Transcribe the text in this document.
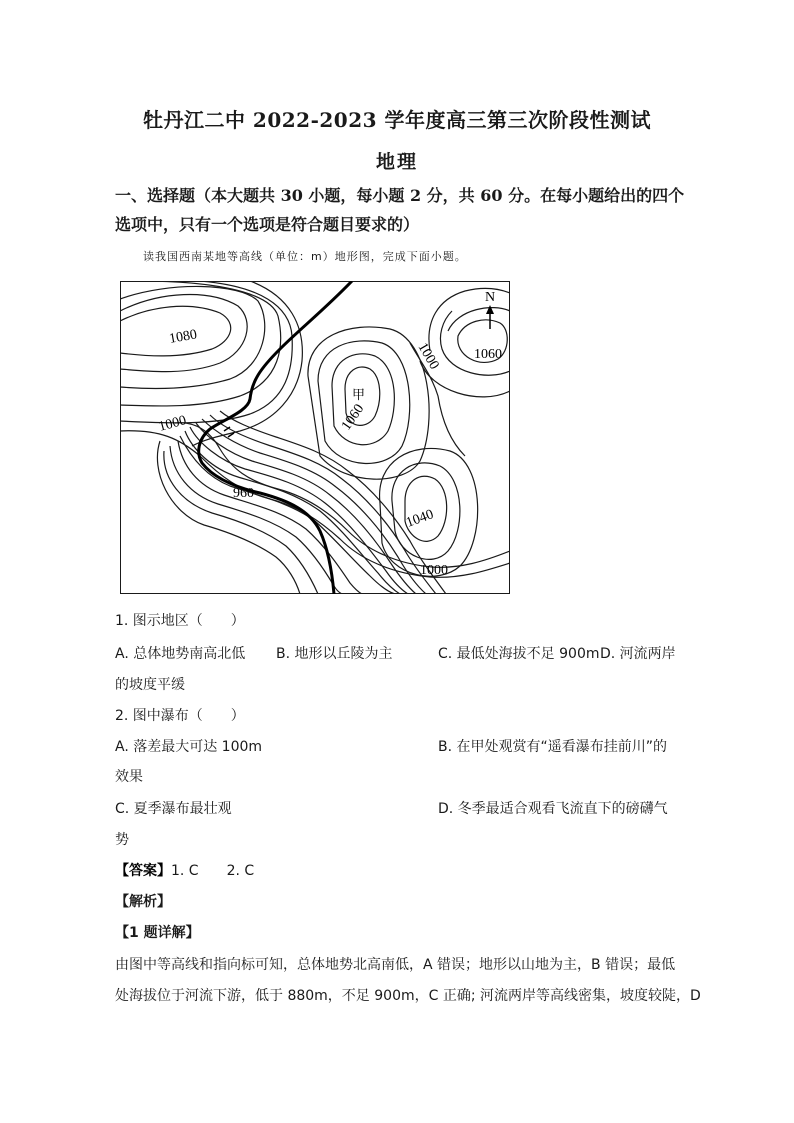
牡丹江二中 2022-2023 学年度高三第三次阶段性测试
地理
一、选择题（本大题共 30 小题，每小题 2 分，共 60 分。在每小题给出的四个选项中，只有一个选项是符合题目要求的）
读我国西南某地等高线（单位：m）地形图，完成下面小题。
N
1080
1000
960
甲
1060
1000 1060
1040
1000
1. 图示地区（　　）
A. 总体地势南高北低 B. 地形以丘陵为主	C. 最低处海拔不足 900m D. 河流两岸
的坡度平缓
2. 图中瀑布（　　）
A. 落差最大可达 100m	B. 在甲处观赏有“遥看瀑布挂前川”的
效果
C. 夏季瀑布最壮观	D. 冬季最适合观看飞流直下的磅礴气
势
【答案】1. C　　2. C
【解析】
【1 题详解】
由图中等高线和指向标可知，总体地势北高南低，A 错误；地形以山地为主，B 错误；最低
处海拔位于河流下游，低于 880m，不足 900m，C 正确; 河流两岸等高线密集，坡度较陡，D
